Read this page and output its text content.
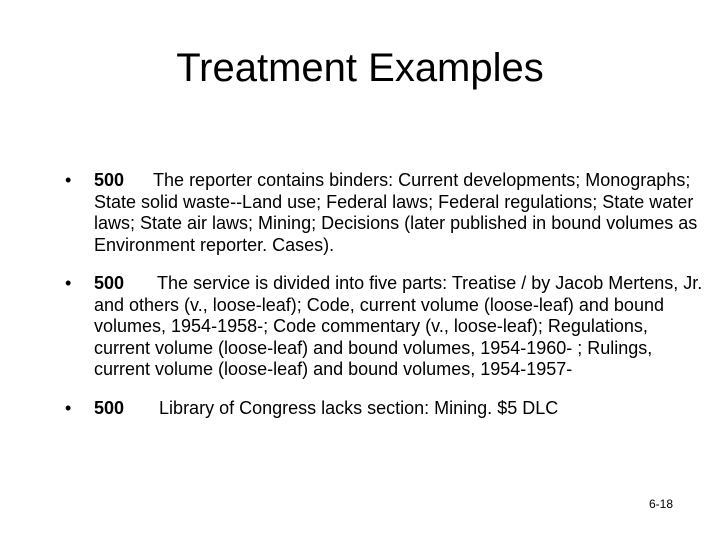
Treatment Examples
• 500 The reporter contains binders: Current developments; Monographs; State solid waste--Land use; Federal laws; Federal regulations; State water laws; State air laws; Mining; Decisions (later published in bound volumes as Environment reporter. Cases).
• 500 The service is divided into five parts: Treatise / by Jacob Mertens, Jr. and others (v., loose-leaf); Code, current volume (loose-leaf) and bound volumes, 1954-1958-; Code commentary (v., loose-leaf); Regulations, current volume (loose-leaf) and bound volumes, 1954-1960- ; Rulings, current volume (loose-leaf) and bound volumes, 1954-1957-
• 500 Library of Congress lacks section: Mining. $5 DLC
6-18
